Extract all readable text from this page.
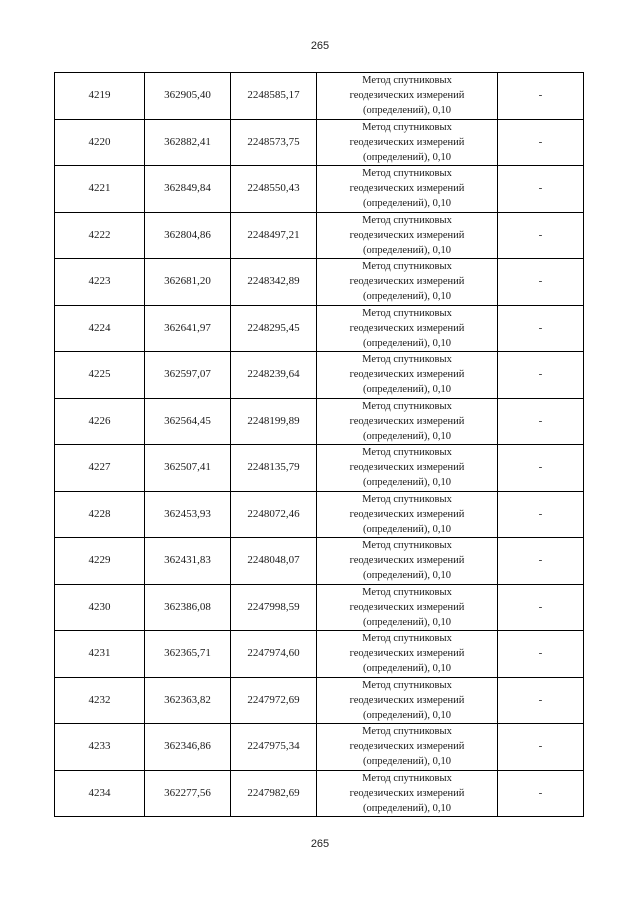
265
4219	362905,40	2248585,17	Метод спутниковых
геодезических измерений
(определений), 0,10	-
4220	362882,41	2248573,75	Метод спутниковых
геодезических измерений
(определений), 0,10	-
4221	362849,84	2248550,43	Метод спутниковых
геодезических измерений
(определений), 0,10	-
4222	362804,86	2248497,21	Метод спутниковых
геодезических измерений
(определений), 0,10	-
4223	362681,20	2248342,89	Метод спутниковых
геодезических измерений
(определений), 0,10	-
4224	362641,97	2248295,45	Метод спутниковых
геодезических измерений
(определений), 0,10	-
4225	362597,07	2248239,64	Метод спутниковых
геодезических измерений
(определений), 0,10	-
4226	362564,45	2248199,89	Метод спутниковых
геодезических измерений
(определений), 0,10	-
4227	362507,41	2248135,79	Метод спутниковых
геодезических измерений
(определений), 0,10	-
4228	362453,93	2248072,46	Метод спутниковых
геодезических измерений
(определений), 0,10	-
4229	362431,83	2248048,07	Метод спутниковых
геодезических измерений
(определений), 0,10	-
4230	362386,08	2247998,59	Метод спутниковых
геодезических измерений
(определений), 0,10	-
4231	362365,71	2247974,60	Метод спутниковых
геодезических измерений
(определений), 0,10	-
4232	362363,82	2247972,69	Метод спутниковых
геодезических измерений
(определений), 0,10	-
4233	362346,86	2247975,34	Метод спутниковых
геодезических измерений
(определений), 0,10	-
4234	362277,56	2247982,69	Метод спутниковых
геодезических измерений
(определений), 0,10	-
265
